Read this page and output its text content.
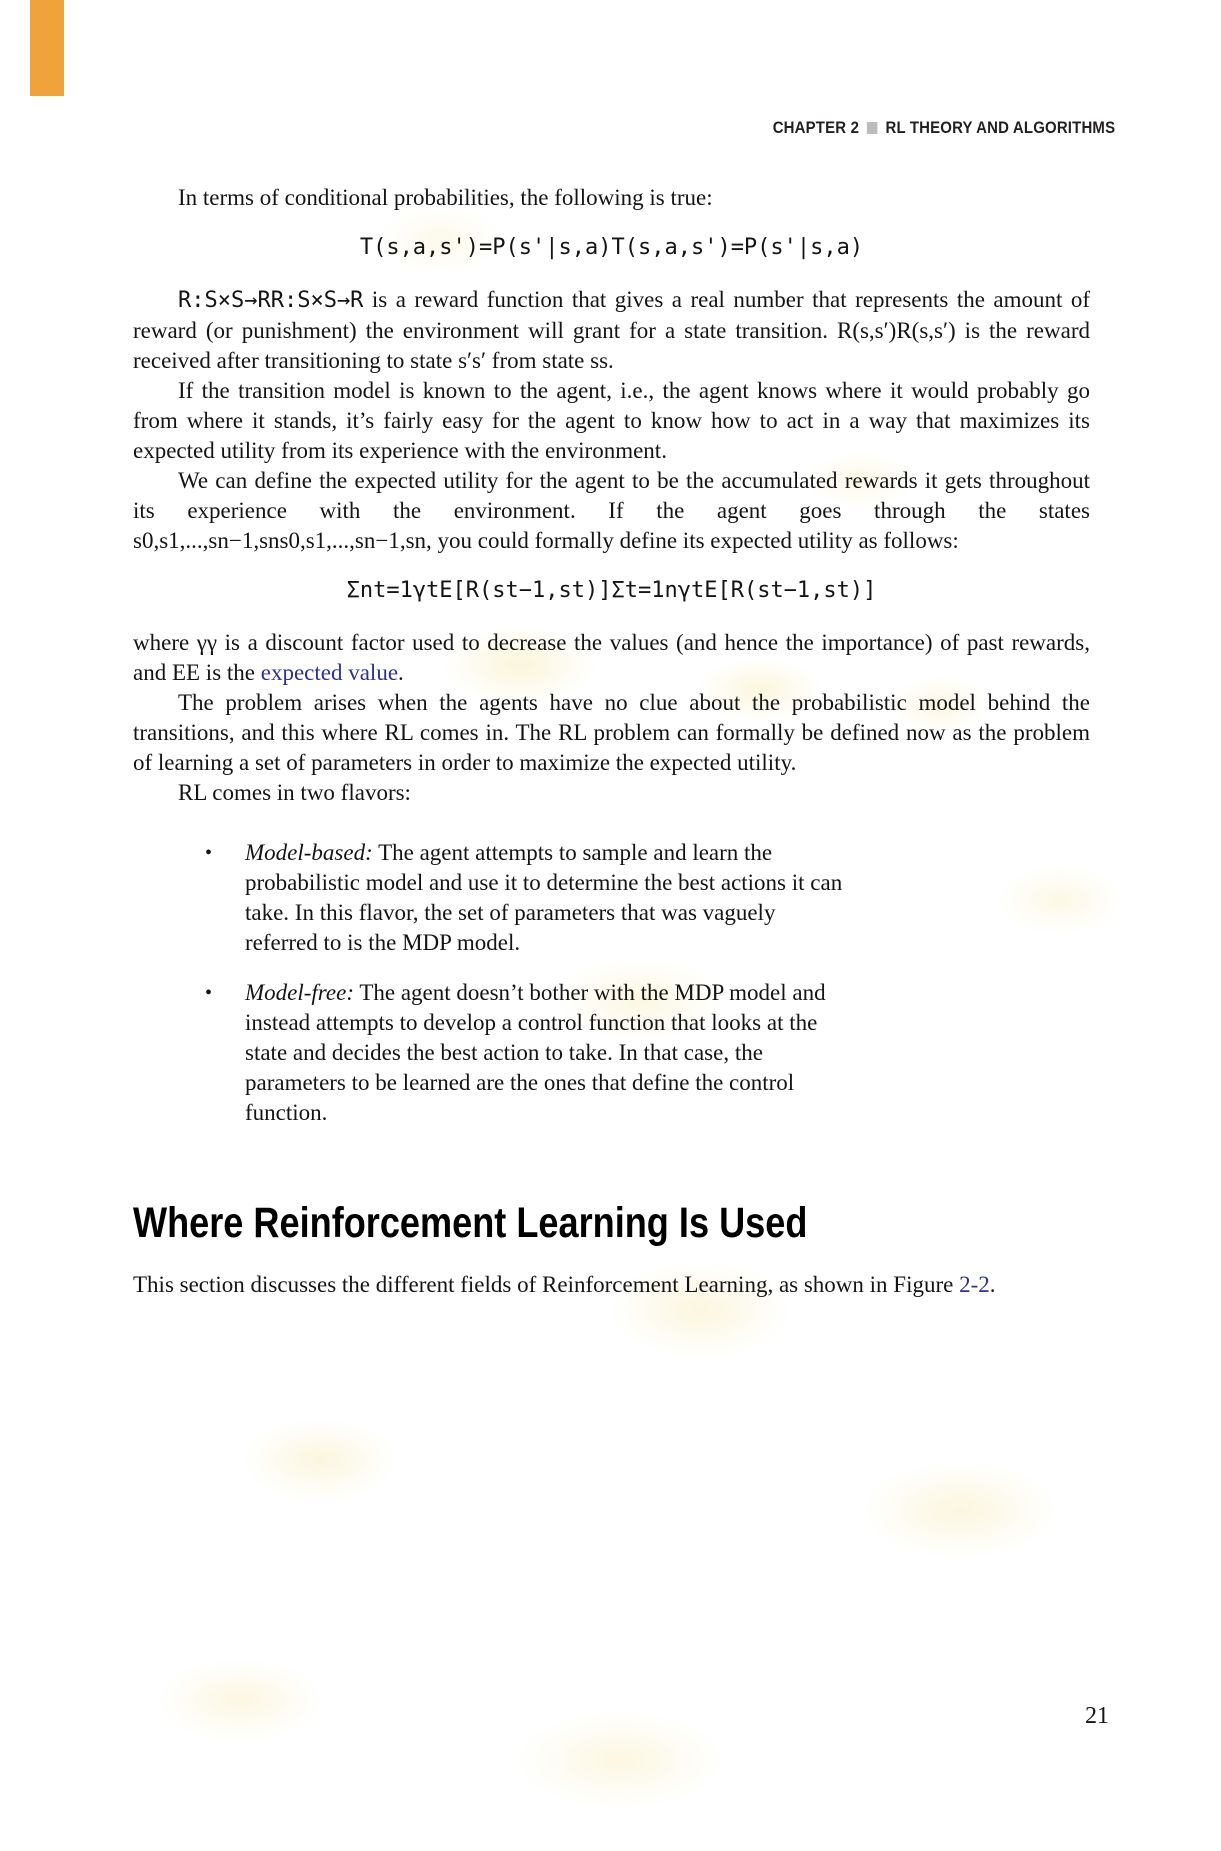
CHAPTER 2 RL THEORY AND ALGORITHMS

In terms of conditional probabilities, the following is true:

T(s,a,s')=P(s'|s,a)T(s,a,s')=P(s'|s,a)

R:S×S→RR:S×S→R is a reward function that gives a real number that represents the amount of reward (or punishment) the environment will grant for a state transition. R(s,s′)R(s,s′) is the reward received after transitioning to state s′s′ from state ss.

If the transition model is known to the agent, i.e., the agent knows where it would probably go from where it stands, it’s fairly easy for the agent to know how to act in a way that maximizes its expected utility from its experience with the environment.

We can define the expected utility for the agent to be the accumulated rewards it gets throughout its experience with the environment. If the agent goes through the states s0,s1,...,sn−1,sns0,s1,...,sn−1,sn, you could formally define its expected utility as follows:

Σnt=1γtE[R(st−1,st)]Σt=1nγtE[R(st−1,st)]

where γγ is a discount factor used to decrease the values (and hence the importance) of past rewards, and EE is the expected value.

The problem arises when the agents have no clue about the probabilistic model behind the transitions, and this where RL comes in. The RL problem can formally be defined now as the problem of learning a set of parameters in order to maximize the expected utility.

RL comes in two flavors:

• Model-based: The agent attempts to sample and learn the probabilistic model and use it to determine the best actions it can take. In this flavor, the set of parameters that was vaguely referred to is the MDP model.
• Model-free: The agent doesn’t bother with the MDP model and instead attempts to develop a control function that looks at the state and decides the best action to take. In that case, the parameters to be learned are the ones that define the control function.
Where Reinforcement Learning Is Used

This section discusses the different fields of Reinforcement Learning, as shown in Figure 2-2.

21
